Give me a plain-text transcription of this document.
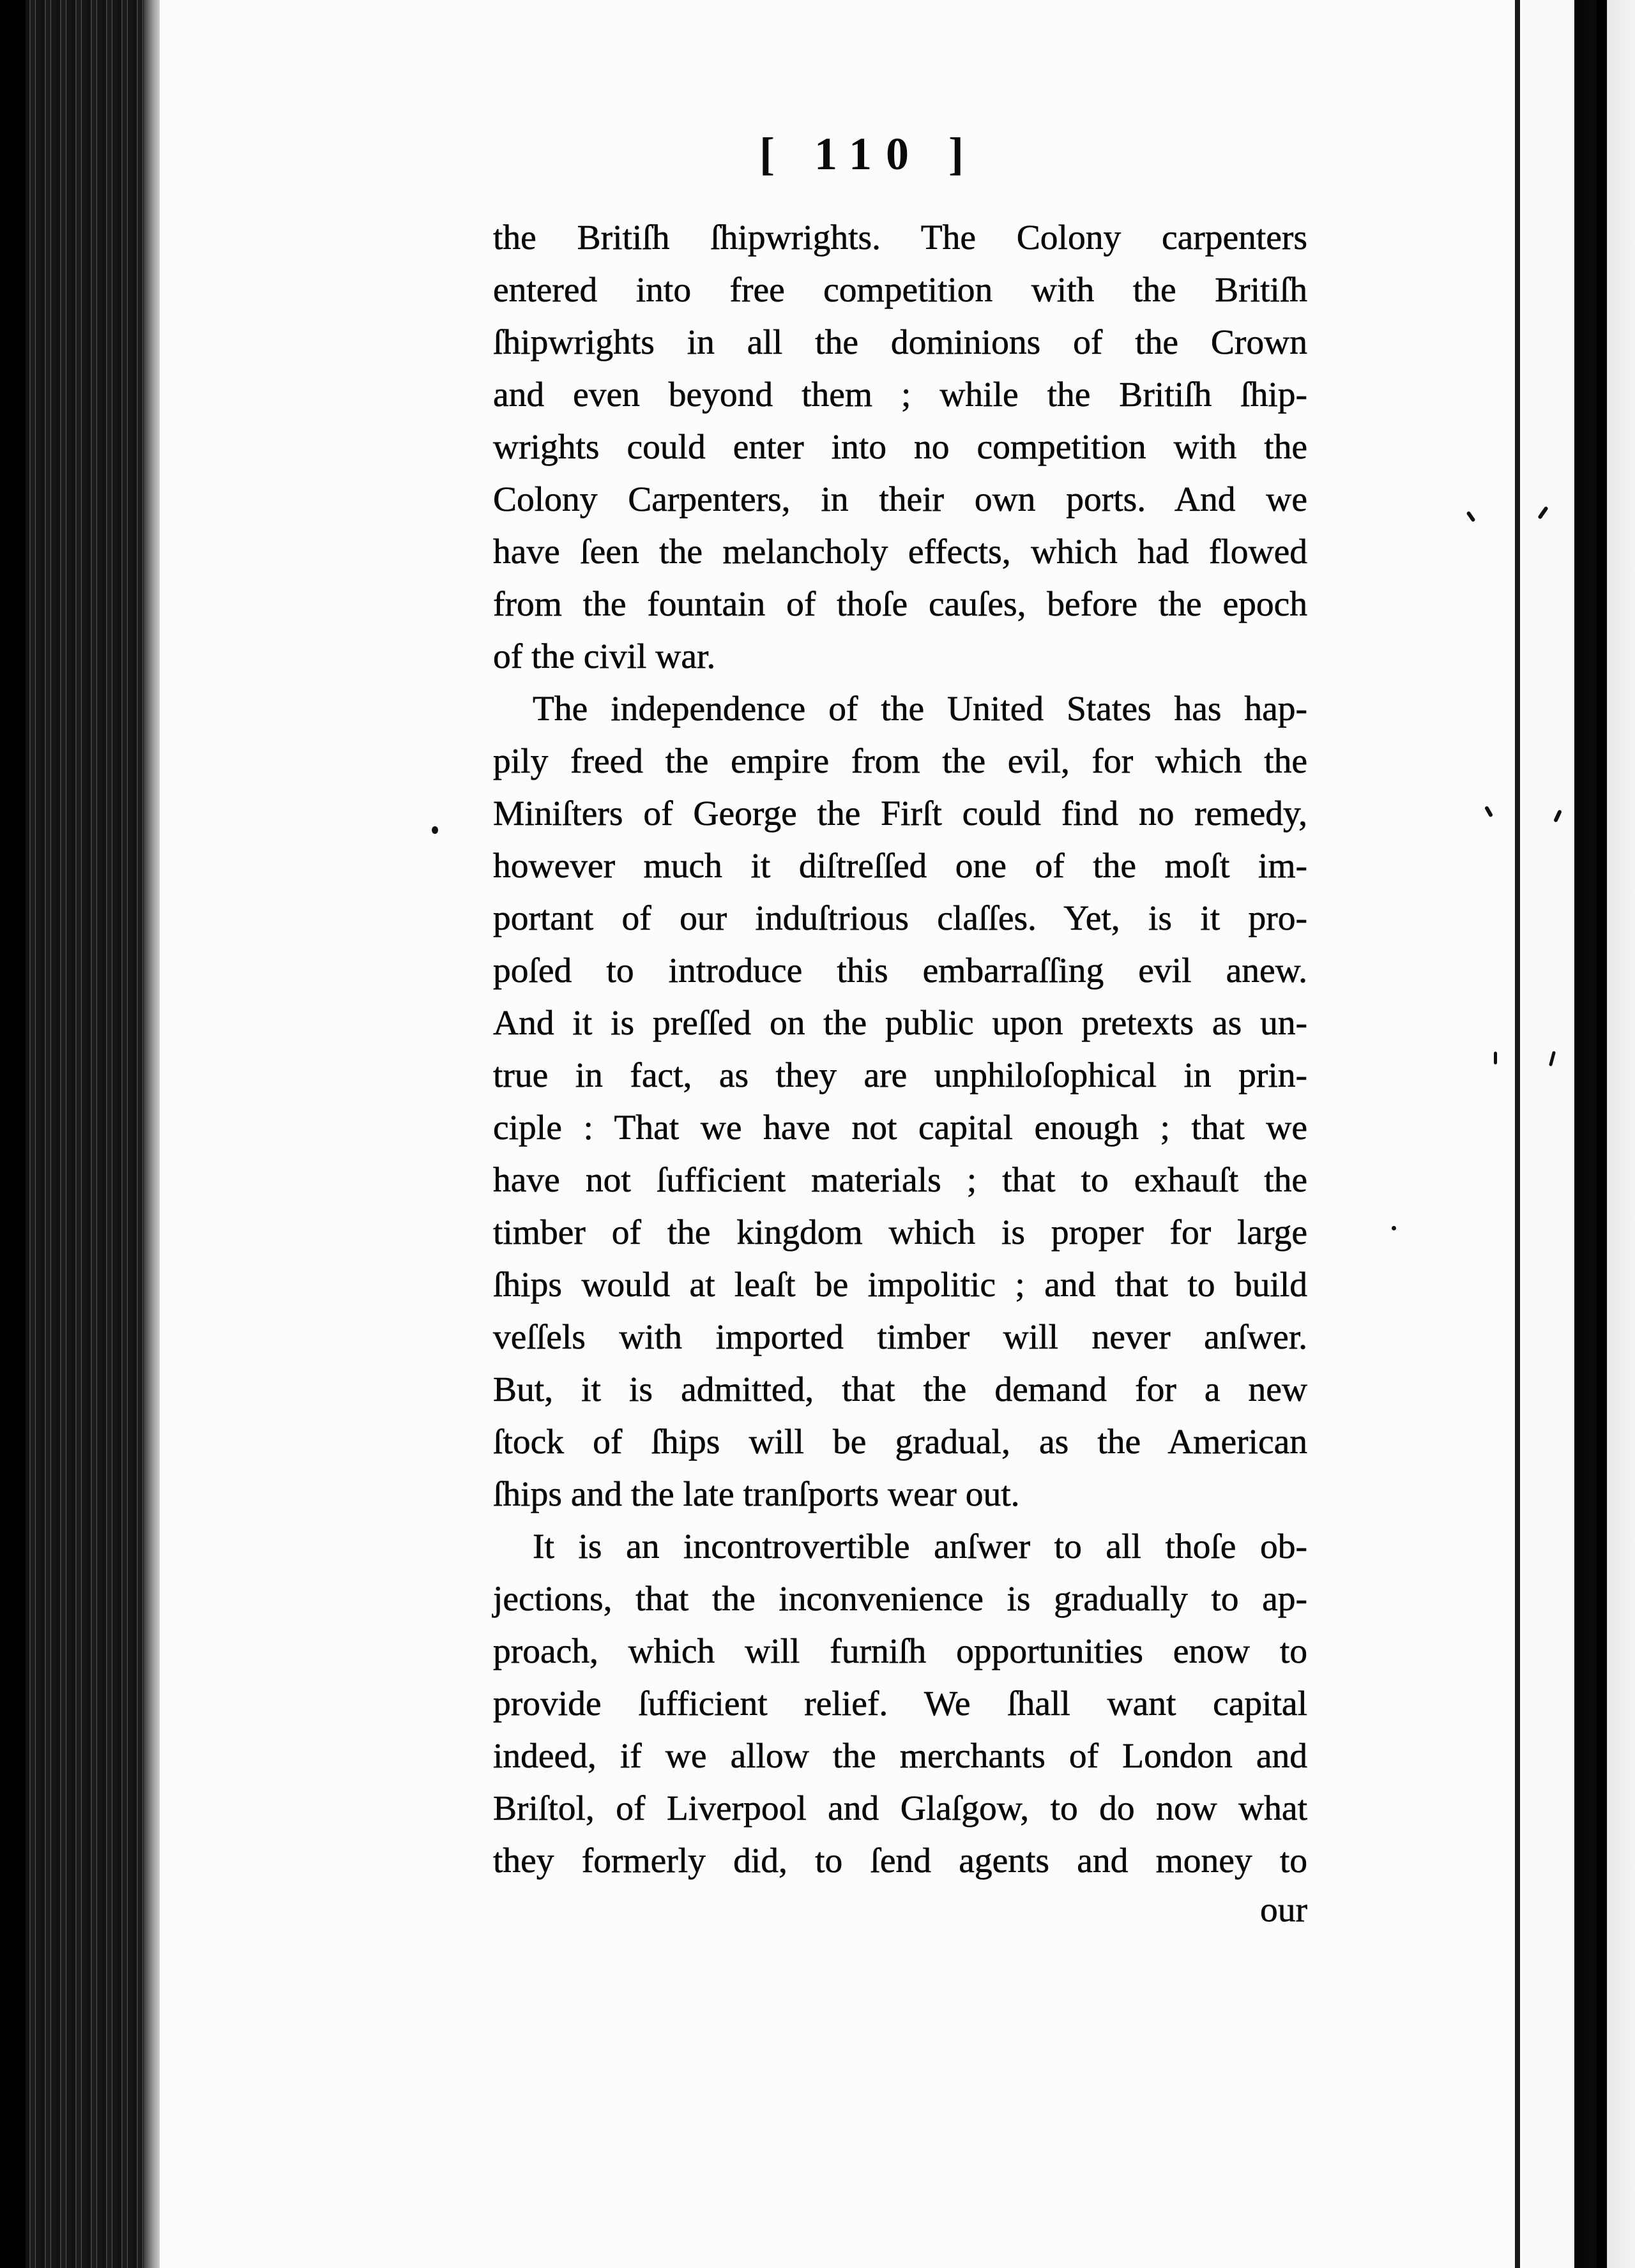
[ 110 ]
the Britiſh ſhipwrights. The Colony carpenters
entered into free competition with the Britiſh
ſhipwrights in all the dominions of the Crown
and even beyond them ; while the Britiſh ſhip-
wrights could enter into no competition with the
Colony Carpenters, in their own ports. And we
have ſeen the melancholy effects, which had flowed
from the fountain of thoſe cauſes, before the epoch
of the civil war.
The independence of the United States has hap-
pily freed the empire from the evil, for which the
Miniſters of George the Firſt could find no remedy,
however much it diſtreſſed one of the moſt im-
portant of our induſtrious claſſes. Yet, is it pro-
poſed to introduce this embarraſſing evil anew.
And it is preſſed on the public upon pretexts as un-
true in fact, as they are unphiloſophical in prin-
ciple : That we have not capital enough ; that we
have not ſufficient materials ; that to exhauſt the
timber of the kingdom which is proper for large
ſhips would at leaſt be impolitic ; and that to build
veſſels with imported timber will never anſwer.
But, it is admitted, that the demand for a new
ſtock of ſhips will be gradual, as the American
ſhips and the late tranſports wear out.
It is an incontrovertible anſwer to all thoſe ob-
jections, that the inconvenience is gradually to ap-
proach, which will furniſh opportunities enow to
provide ſufficient relief. We ſhall want capital
indeed, if we allow the merchants of London and
Briſtol, of Liverpool and Glaſgow, to do now what
they formerly did, to ſend agents and money to
our
